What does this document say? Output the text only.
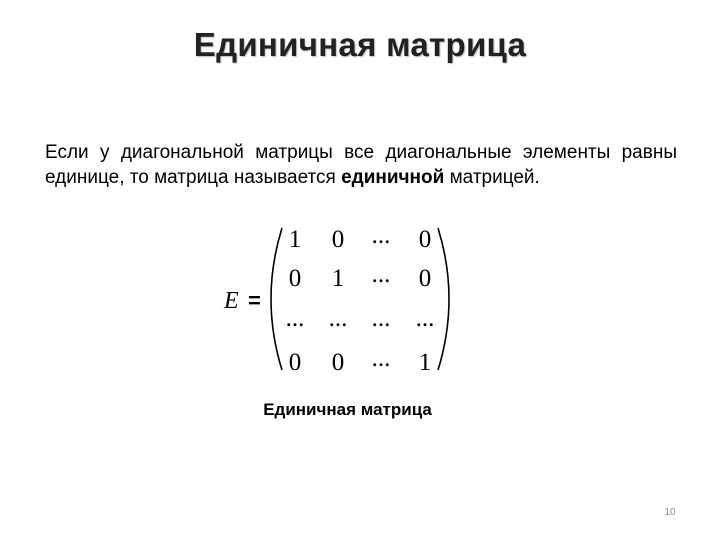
Единичная матрица
Если у диагональной матрицы все диагональные элементы равны единице, то матрица называется единичной матрицей.
E =
1 0 ... 0
0 1 ... 0
... ... ... ...
0 0 ... 1
Единичная матрица
10
